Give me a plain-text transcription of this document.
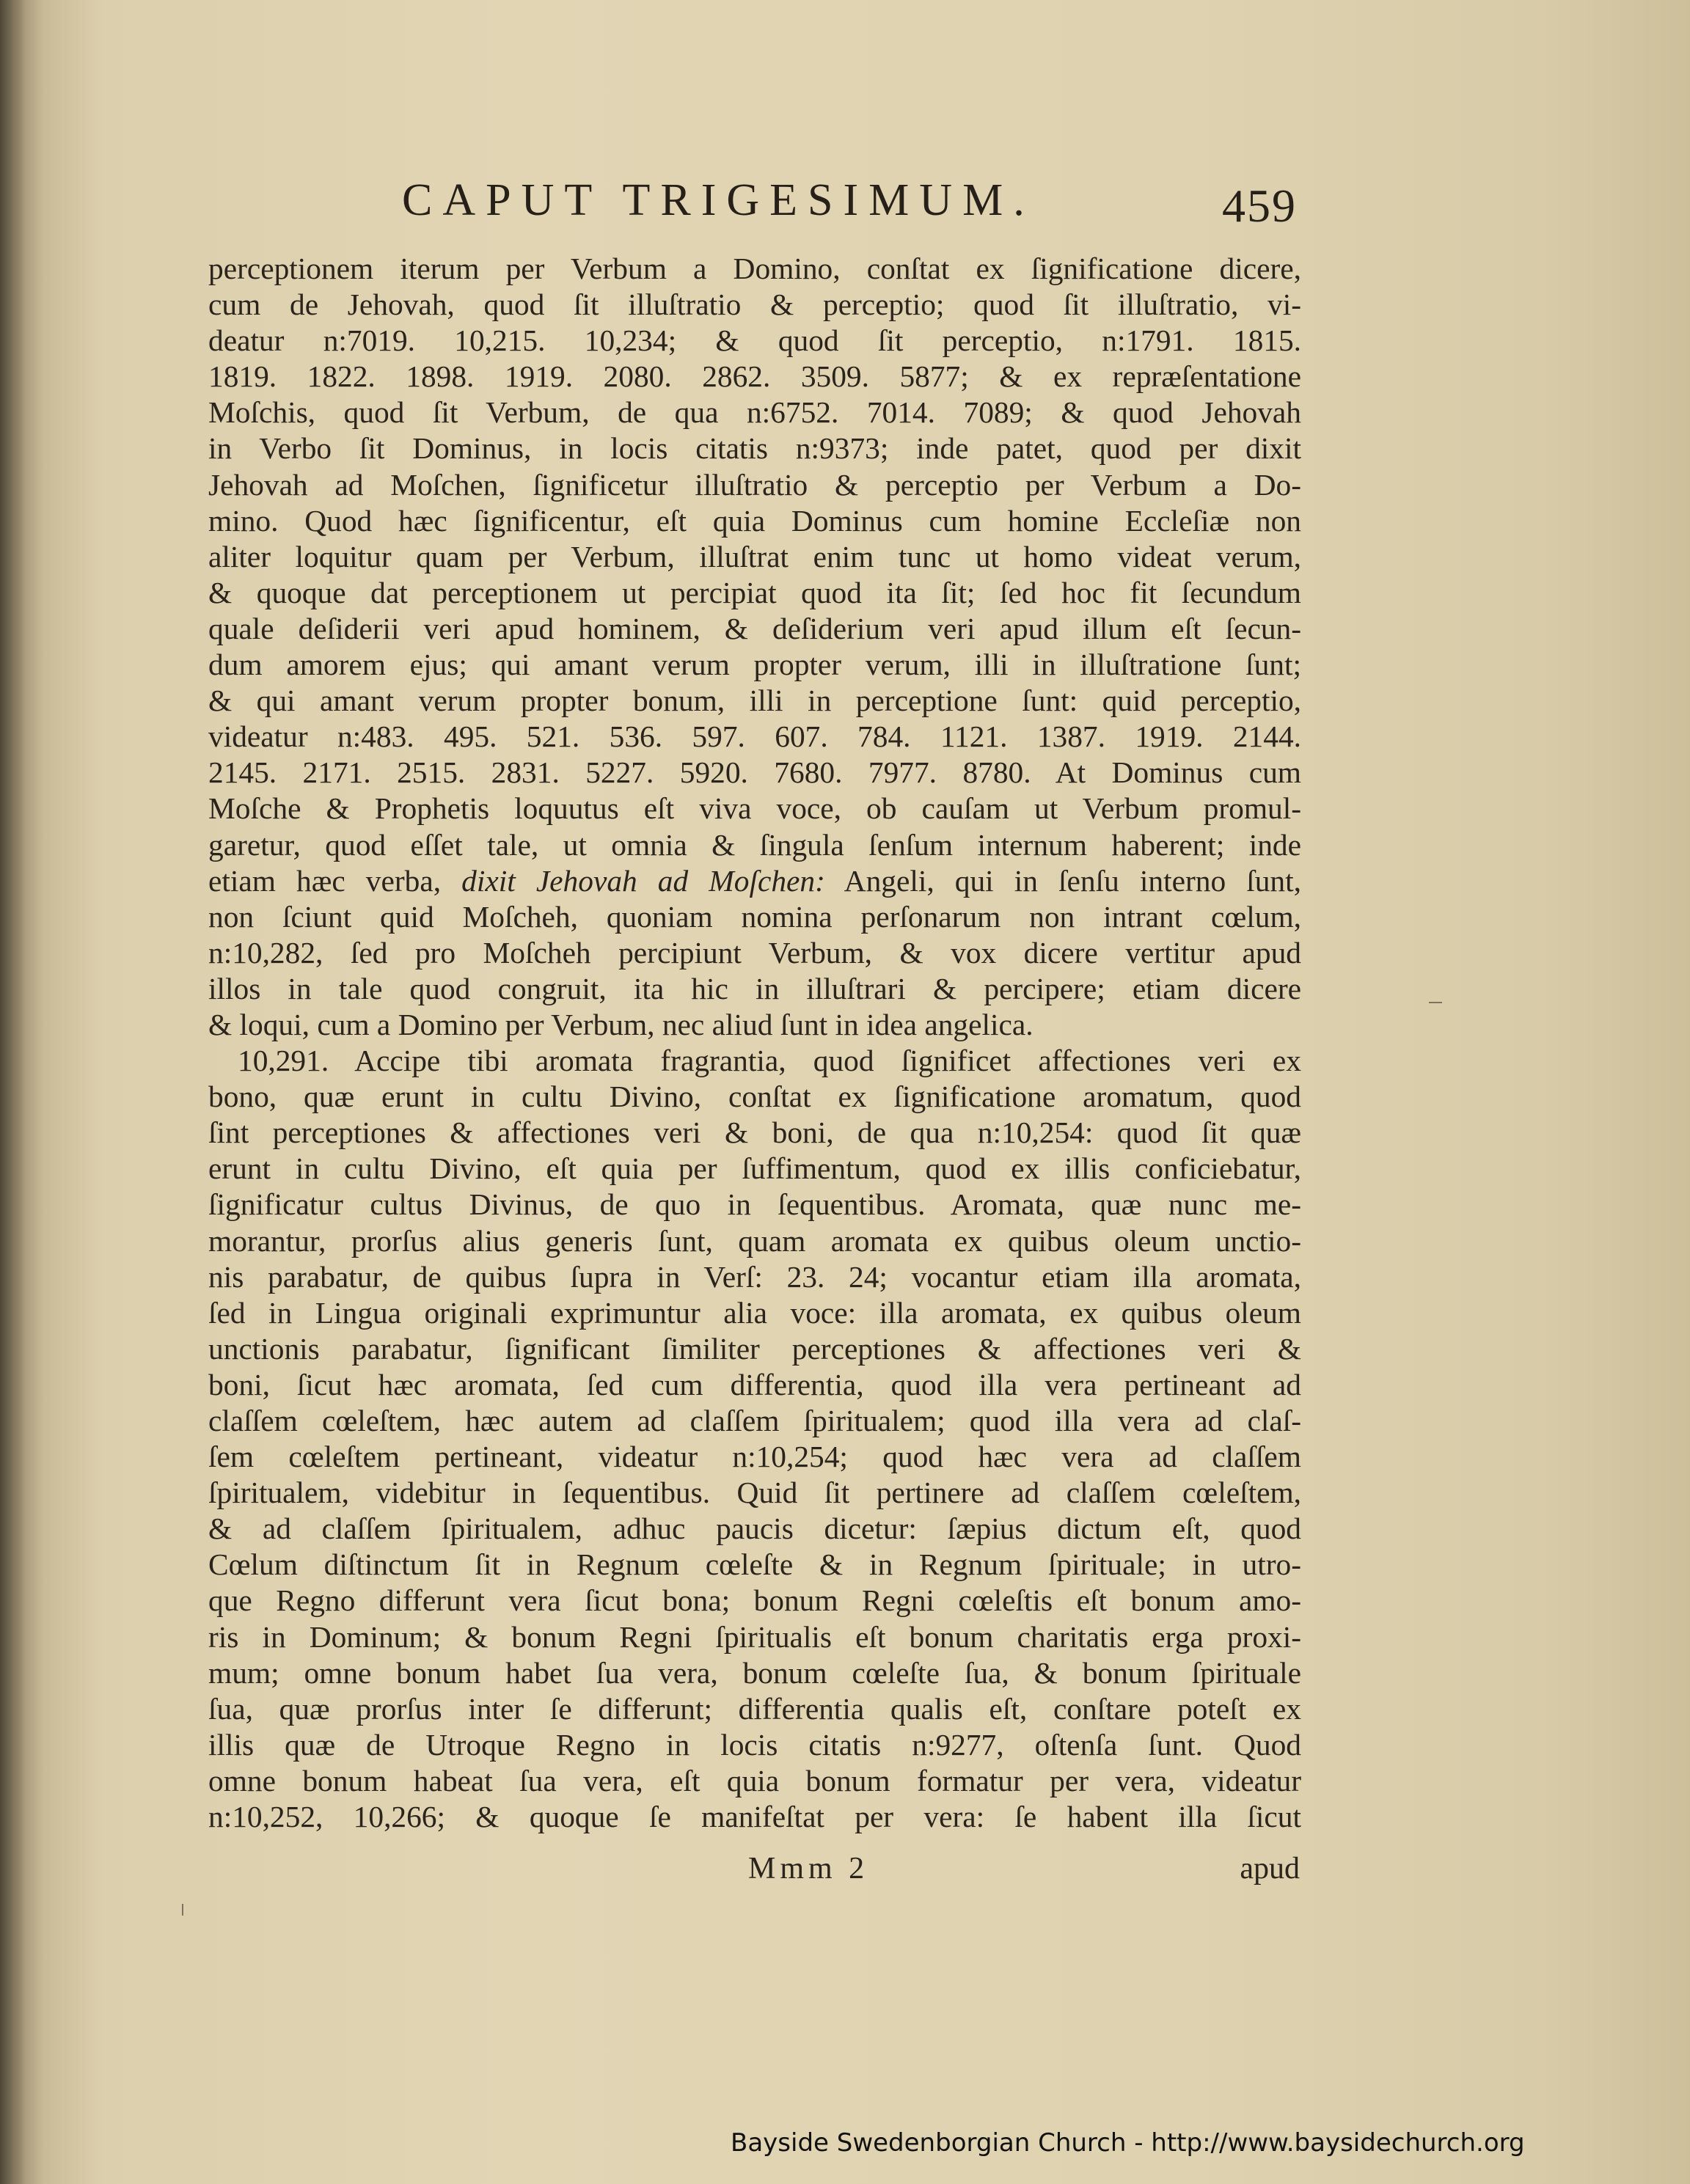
CAPUT TRIGESIMUM.	459
perceptionem iterum per Verbum a Domino, conſtat ex ſignificatione dicere,
cum de Jehovah, quod ſit illuſtratio & perceptio; quod ſit illuſtratio, vi-
deatur n:7019. 10,215. 10,234; & quod ſit perceptio, n:1791. 1815.
1819. 1822. 1898. 1919. 2080. 2862. 3509. 5877; & ex repræſentatione
Moſchis, quod ſit Verbum, de qua n:6752. 7014. 7089; & quod Jehovah
in Verbo ſit Dominus, in locis citatis n:9373; inde patet, quod per dixit
Jehovah ad Moſchen, ſignificetur illuſtratio & perceptio per Verbum a Do-
mino. Quod hæc ſignificentur, eſt quia Dominus cum homine Eccleſiæ non
aliter loquitur quam per Verbum, illuſtrat enim tunc ut homo videat verum,
& quoque dat perceptionem ut percipiat quod ita ſit; ſed hoc fit ſecundum
quale deſiderii veri apud hominem, & deſiderium veri apud illum eſt ſecun-
dum amorem ejus; qui amant verum propter verum, illi in illuſtratione ſunt;
& qui amant verum propter bonum, illi in perceptione ſunt: quid perceptio,
videatur n:483. 495. 521. 536. 597. 607. 784. 1121. 1387. 1919. 2144.
2145. 2171. 2515. 2831. 5227. 5920. 7680. 7977. 8780. At Dominus cum
Moſche & Prophetis loquutus eſt viva voce, ob cauſam ut Verbum promul-
garetur, quod eſſet tale, ut omnia & ſingula ſenſum internum haberent; inde
etiam hæc verba, dixit Jehovah ad Moſchen: Angeli, qui in ſenſu interno ſunt,
non ſciunt quid Moſcheh, quoniam nomina perſonarum non intrant cœlum,
n:10,282, ſed pro Moſcheh percipiunt Verbum, & vox dicere vertitur apud
illos in tale quod congruit, ita hic in illuſtrari & percipere; etiam dicere
& loqui, cum a Domino per Verbum, nec aliud ſunt in idea angelica.
10,291. Accipe tibi aromata fragrantia, quod ſignificet affectiones veri ex
bono, quæ erunt in cultu Divino, conſtat ex ſignificatione aromatum, quod
ſint perceptiones & affectiones veri & boni, de qua n:10,254: quod ſit quæ
erunt in cultu Divino, eſt quia per ſuffimentum, quod ex illis conficiebatur,
ſignificatur cultus Divinus, de quo in ſequentibus. Aromata, quæ nunc me-
morantur, prorſus alius generis ſunt, quam aromata ex quibus oleum unctio-
nis parabatur, de quibus ſupra in Verſ: 23. 24; vocantur etiam illa aromata,
ſed in Lingua originali exprimuntur alia voce: illa aromata, ex quibus oleum
unctionis parabatur, ſignificant ſimiliter perceptiones & affectiones veri &
boni, ſicut hæc aromata, ſed cum differentia, quod illa vera pertineant ad
claſſem cœleſtem, hæc autem ad claſſem ſpiritualem; quod illa vera ad claſ-
ſem cœleſtem pertineant, videatur n:10,254; quod hæc vera ad claſſem
ſpiritualem, videbitur in ſequentibus. Quid ſit pertinere ad claſſem cœleſtem,
& ad claſſem ſpiritualem, adhuc paucis dicetur: ſæpius dictum eſt, quod
Cœlum diſtinctum ſit in Regnum cœleſte & in Regnum ſpirituale; in utro-
que Regno differunt vera ſicut bona; bonum Regni cœleſtis eſt bonum amo-
ris in Dominum; & bonum Regni ſpiritualis eſt bonum charitatis erga proxi-
mum; omne bonum habet ſua vera, bonum cœleſte ſua, & bonum ſpirituale
ſua, quæ prorſus inter ſe differunt; differentia qualis eſt, conſtare poteſt ex
illis quæ de Utroque Regno in locis citatis n:9277, oſtenſa ſunt. Quod
omne bonum habeat ſua vera, eſt quia bonum formatur per vera, videatur
n:10,252, 10,266; & quoque ſe manifeſtat per vera: ſe habent illa ſicut
Mmm 2	apud
Bayside Swedenborgian Church - http://www.baysidechurch.org
